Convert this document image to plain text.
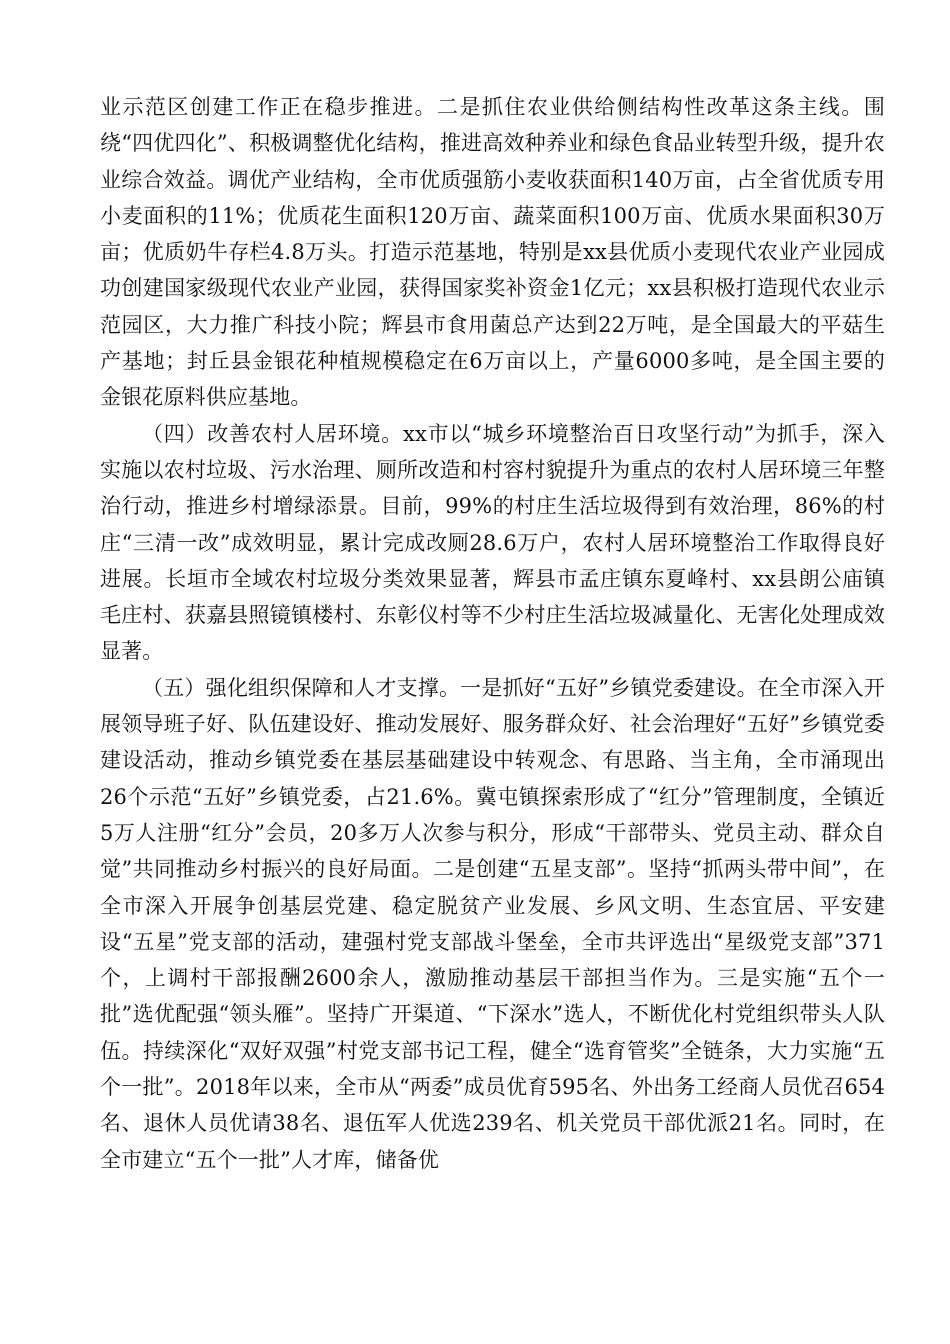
业示范区创建工作正在稳步推进。二是抓住农业供给侧结构性改革这条主线。围绕“四优四化”、积极调整优化结构，推进高效种养业和绿色食品业转型升级，提升农业综合效益。调优产业结构，全市优质强筋小麦收获面积140万亩，占全省优质专用小麦面积的11%；优质花生面积120万亩、蔬菜面积100万亩、优质水果面积30万亩；优质奶牛存栏4.8万头。打造示范基地，特别是xx县优质小麦现代农业产业园成功创建国家级现代农业产业园，获得国家奖补资金1亿元；xx县积极打造现代农业示范园区，大力推广科技小院；辉县市食用菌总产达到22万吨，是全国最大的平菇生产基地；封丘县金银花种植规模稳定在6万亩以上，产量6000多吨，是全国主要的金银花原料供应基地。

（四）改善农村人居环境。xx市以“城乡环境整治百日攻坚行动”为抓手，深入实施以农村垃圾、污水治理、厕所改造和村容村貌提升为重点的农村人居环境三年整治行动，推进乡村增绿添景。目前，99%的村庄生活垃圾得到有效治理，86%的村庄“三清一改”成效明显，累计完成改厕28.6万户，农村人居环境整治工作取得良好进展。长垣市全域农村垃圾分类效果显著，辉县市孟庄镇东夏峰村、xx县朗公庙镇毛庄村、获嘉县照镜镇楼村、东彰仪村等不少村庄生活垃圾减量化、无害化处理成效显著。

（五）强化组织保障和人才支撑。一是抓好“五好”乡镇党委建设。在全市深入开展领导班子好、队伍建设好、推动发展好、服务群众好、社会治理好“五好”乡镇党委建设活动，推动乡镇党委在基层基础建设中转观念、有思路、当主角，全市涌现出26个示范“五好”乡镇党委，占21.6%。冀屯镇探索形成了“红分”管理制度，全镇近5万人注册“红分”会员，20多万人次参与积分，形成“干部带头、党员主动、群众自觉”共同推动乡村振兴的良好局面。二是创建“五星支部”。坚持“抓两头带中间”，在全市深入开展争创基层党建、稳定脱贫产业发展、乡风文明、生态宜居、平安建设“五星”党支部的活动，建强村党支部战斗堡垒，全市共评选出“星级党支部”371个，上调村干部报酬2600余人，激励推动基层干部担当作为。三是实施“五个一批”选优配强“领头雁”。坚持广开渠道、“下深水”选人，不断优化村党组织带头人队伍。持续深化“双好双强”村党支部书记工程，健全“选育管奖”全链条，大力实施“五个一批”。2018年以来，全市从“两委”成员优育595名、外出务工经商人员优召654名、退休人员优请38名、退伍军人优选239名、机关党员干部优派21名。同时，在全市建立“五个一批”人才库，储备优
